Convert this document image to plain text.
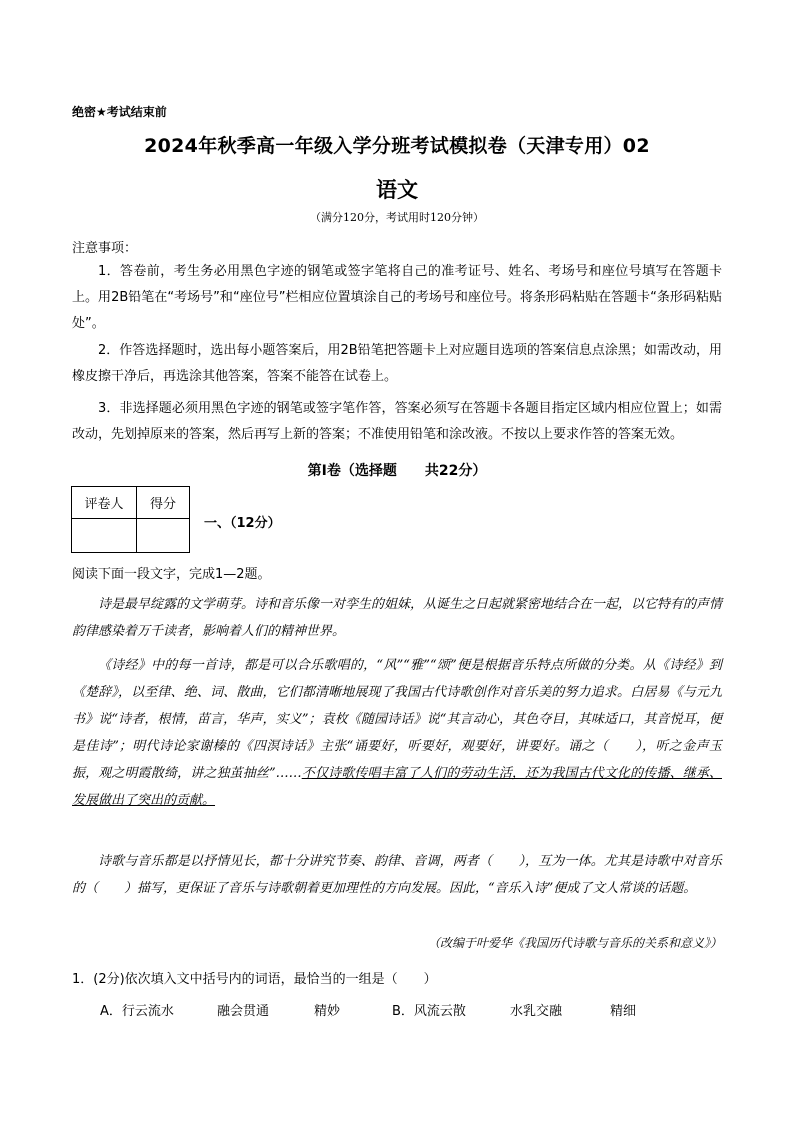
绝密★考试结束前
2024年秋季高一年级入学分班考试模拟卷（天津专用）02
语文
（满分120分，考试用时120分钟）
注意事项：
1．答卷前，考生务必用黑色字迹的钢笔或签字笔将自己的准考证号、姓名、考场号和座位号填写在答题卡上。用2B铅笔在“考场号”和“座位号”栏相应位置填涂自己的考场号和座位号。将条形码粘贴在答题卡“条形码粘贴处”。
2．作答选择题时，选出每小题答案后，用2B铅笔把答题卡上对应题目选项的答案信息点涂黑；如需改动，用橡皮擦干净后，再选涂其他答案，答案不能答在试卷上。
3．非选择题必须用黑色字迹的钢笔或签字笔作答，答案必须写在答题卡各题目指定区域内相应位置上；如需改动，先划掉原来的答案，然后再写上新的答案；不准使用铅笔和涂改液。不按以上要求作答的答案无效。
第Ⅰ卷（选择题　　共22分）
评卷人	得分

一、（12分）
阅读下面一段文字，完成1—2题。
诗是最早绽露的文学萌芽。诗和音乐像一对孪生的姐妹，从诞生之日起就紧密地结合在一起，以它特有的声情韵律感染着万千读者，影响着人们的精神世界。
《诗经》中的每一首诗，都是可以合乐歌唱的，“风”“雅”“颂”便是根据音乐特点所做的分类。从《诗经》到《楚辞》，以至律、绝、词、散曲，它们都清晰地展现了我国古代诗歌创作对音乐美的努力追求。白居易《与元九书》说“诗者，根情，苗言，华声，实义”；袁枚《随园诗话》说“其言动心，其色夺目，其味适口，其音悦耳，便是佳诗”；明代诗论家谢榛的《四溟诗话》主张“诵要好，听要好，观要好，讲要好。诵之（　　），听之金声玉振，观之明霞散绮，讲之独茧抽丝”……不仅诗歌传唱丰富了人们的劳动生活，还为我国古代文化的传播、继承、发展做出了突出的贡献。
诗歌与音乐都是以抒情见长，都十分讲究节奏、韵律、音调，两者（　　），互为一体。尤其是诗歌中对音乐的（　　）描写，更保证了音乐与诗歌朝着更加理性的方向发展。因此，“音乐入诗”便成了文人常谈的话题。
（改编于叶爱华《我国历代诗歌与音乐的关系和意义》）
1．(2分)依次填入文中括号内的词语，最恰当的一组是（　　）
A．行云流水	融会贯通	精妙	B．风流云散	水乳交融	精细
